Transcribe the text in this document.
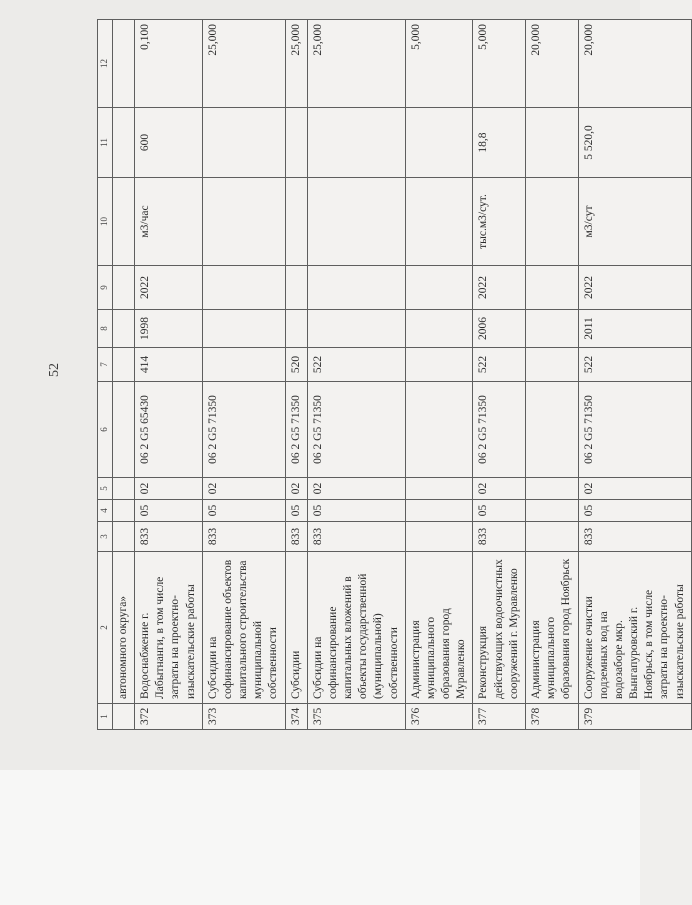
52
1	2	3	4	5	6	7	8	9	10	11	12
	автономного округа»										
372	Водоснабжение г. Лабытнанги, в том числе затраты на проектно-изыскательские работы	833	05	02	06 2 G5 65430	414	1998	2022	м3/час	600	0,100
373	Субсидии на софинансирование объектов капитального строительства муниципальной собственности	833	05	02	06 2 G5 71350						25,000
374	Субсидии	833	05	02	06 2 G5 71350	520					25,000
375	Субсидии на софинансирование капитальных вложений в объекты государственной (муниципальной) собственности	833	05	02	06 2 G5 71350	522					25,000
376	Администрация муниципального образования город Муравленко										5,000
377	Реконструкция действующих водоочистных сооружений г. Муравленко	833	05	02	06 2 G5 71350	522	2006	2022	тыс.м3/сут.	18,8	5,000
378	Администрация муниципального образования город Ноябрьск										20,000
379	Сооружение очистки подземных вод на водозаборе мкр. Вынгапуровский г. Ноябрьск, в том числе затраты на проектно-изыскательские работы	833	05	02	06 2 G5 71350	522	2011	2022	м3/сут	5 520,0	20,000
